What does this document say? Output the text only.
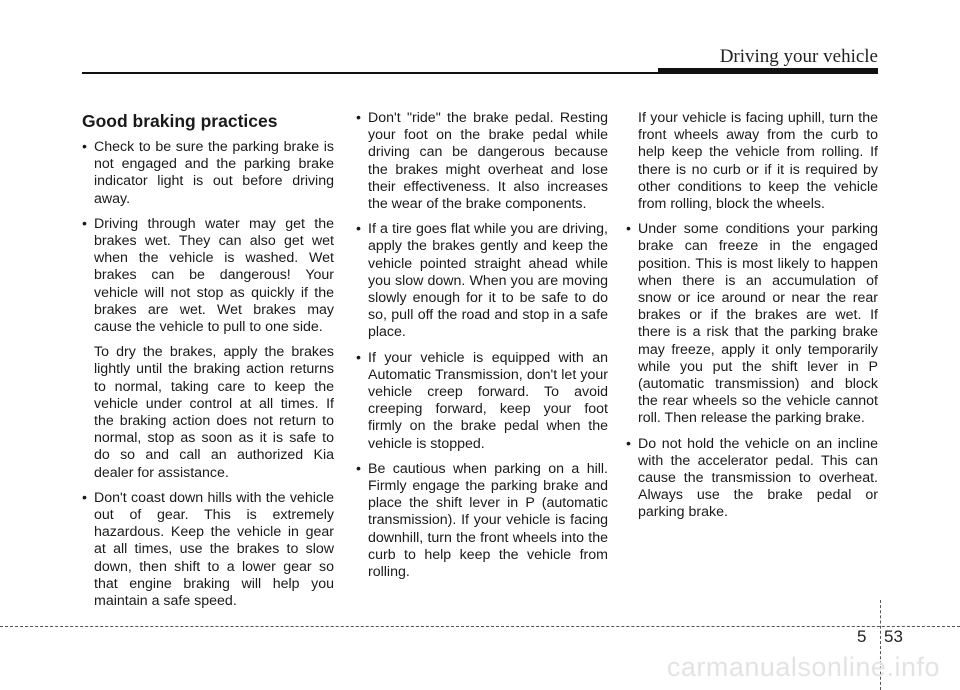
Driving your vehicle
Good braking practices
• Check to be sure the parking brake is not engaged and the parking brake indicator light is out before driving away.
• Driving through water may get the brakes wet. They can also get wet when the vehicle is washed. Wet brakes can be dangerous! Your vehicle will not stop as quickly if the brakes are wet. Wet brakes may cause the vehicle to pull to one side.
To dry the brakes, apply the brakes lightly until the braking action returns to normal, taking care to keep the vehicle under control at all times. If the braking action does not return to normal, stop as soon as it is safe to do so and call an authorized Kia dealer for assistance.
• Don't coast down hills with the vehicle out of gear. This is extremely hazardous. Keep the vehicle in gear at all times, use the brakes to slow down, then shift to a lower gear so that engine braking will help you maintain a safe speed.
• Don't "ride" the brake pedal. Resting your foot on the brake pedal while driving can be dangerous because the brakes might overheat and lose their effectiveness. It also increases the wear of the brake components.
• If a tire goes flat while you are driving, apply the brakes gently and keep the vehicle pointed straight ahead while you slow down. When you are moving slowly enough for it to be safe to do so, pull off the road and stop in a safe place.
• If your vehicle is equipped with an Automatic Transmission, don't let your vehicle creep forward. To avoid creeping forward, keep your foot firmly on the brake pedal when the vehicle is stopped.
• Be cautious when parking on a hill. Firmly engage the parking brake and place the shift lever in P (automatic transmission). If your vehicle is facing downhill, turn the front wheels into the curb to help keep the vehicle from rolling.
If your vehicle is facing uphill, turn the front wheels away from the curb to help keep the vehicle from rolling. If there is no curb or if it is required by other conditions to keep the vehicle from rolling, block the wheels.
• Under some conditions your parking brake can freeze in the engaged position. This is most likely to happen when there is an accumulation of snow or ice around or near the rear brakes or if the brakes are wet. If there is a risk that the parking brake may freeze, apply it only temporarily while you put the shift lever in P (automatic transmission) and block the rear wheels so the vehicle cannot roll. Then release the parking brake.
• Do not hold the vehicle on an incline with the accelerator pedal. This can cause the transmission to overheat. Always use the brake pedal or parking brake.
5 53
carmanualsonline.info
